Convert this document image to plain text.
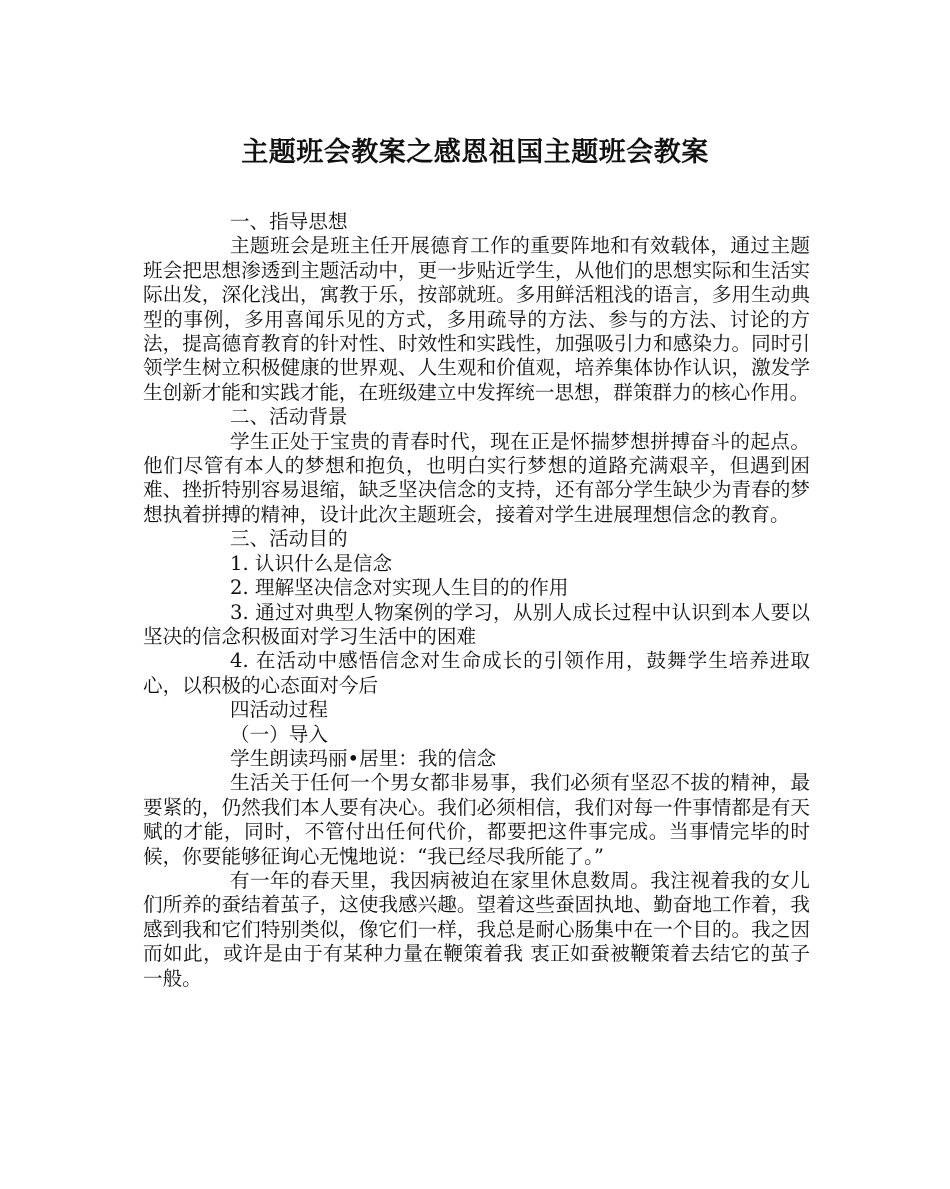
主题班会教案之感恩祖国主题班会教案

一、指导思想

主题班会是班主任开展德育工作的重要阵地和有效载体，通过主题班会把思想渗透到主题活动中，更一步贴近学生，从他们的思想实际和生活实际出发，深化浅出，寓教于乐，按部就班。多用鲜活粗浅的语言，多用生动典型的事例，多用喜闻乐见的方式，多用疏导的方法、参与的方法、讨论的方法，提高德育教育的针对性、时效性和实践性，加强吸引力和感染力。同时引领学生树立积极健康的世界观、人生观和价值观，培养集体协作认识，激发学生创新才能和实践才能，在班级建立中发挥统一思想，群策群力的核心作用。

二、活动背景

学生正处于宝贵的青春时代，现在正是怀揣梦想拼搏奋斗的起点。他们尽管有本人的梦想和抱负，也明白实行梦想的道路充满艰辛，但遇到困难、挫折特别容易退缩，缺乏坚决信念的支持，还有部分学生缺少为青春的梦想执着拼搏的精神，设计此次主题班会，接着对学生进展理想信念的教育。

三、活动目的

1. 认识什么是信念

2. 理解坚决信念对实现人生目的的作用

3. 通过对典型人物案例的学习，从别人成长过程中认识到本人要以坚决的信念积极面对学习生活中的困难

4. 在活动中感悟信念对生命成长的引领作用，鼓舞学生培养进取心，以积极的心态面对今后

四活动过程

（一）导入

学生朗读玛丽•居里：我的信念

生活关于任何一个男女都非易事，我们必须有坚忍不拔的精神，最要紧的，仍然我们本人要有决心。我们必须相信，我们对每一件事情都是有天赋的才能，同时，不管付出任何代价，都要把这件事完成。当事情完毕的时候，你要能够征询心无愧地说：“我已经尽我所能了。”

有一年的春天里，我因病被迫在家里休息数周。我注视着我的女儿们所养的蚕结着茧子，这使我感兴趣。望着这些蚕固执地、勤奋地工作着，我感到我和它们特别类似，像它们一样，我总是耐心肠集中在一个目的。我之因而如此，或许是由于有某种力量在鞭策着我 衷正如蚕被鞭策着去结它的茧子一般。
